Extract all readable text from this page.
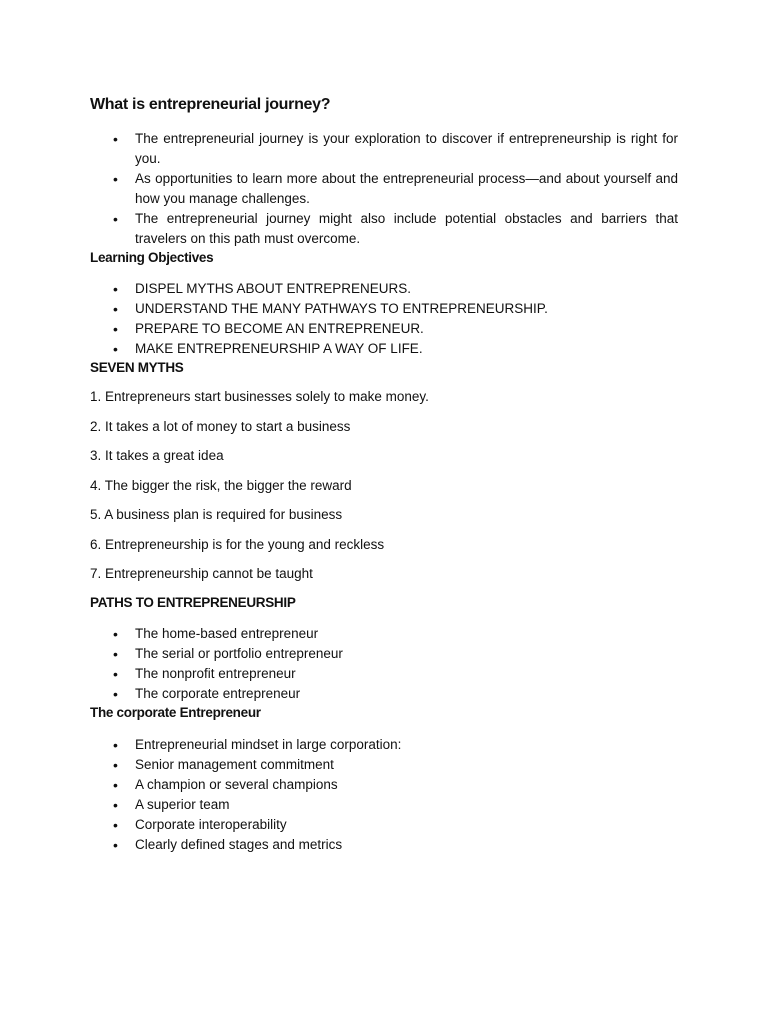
What is entrepreneurial journey?
• The entrepreneurial journey is your exploration to discover if entrepreneurship is right for you.
• As opportunities to learn more about the entrepreneurial process—and about yourself and how you manage challenges.
• The entrepreneurial journey might also include potential obstacles and barriers that travelers on this path must overcome.
Learning Objectives
• DISPEL MYTHS ABOUT ENTREPRENEURS.
• UNDERSTAND THE MANY PATHWAYS TO ENTREPRENEURSHIP.
• PREPARE TO BECOME AN ENTREPRENEUR.
• MAKE ENTREPRENEURSHIP A WAY OF LIFE.
SEVEN MYTHS

1. Entrepreneurs start businesses solely to make money.

2. It takes a lot of money to start a business

3. It takes a great idea

4. The bigger the risk, the bigger the reward

5. A business plan is required for business

6. Entrepreneurship is for the young and reckless

7. Entrepreneurship cannot be taught

PATHS TO ENTREPRENEURSHIP
• The home-based entrepreneur
• The serial or portfolio entrepreneur
• The nonprofit entrepreneur
• The corporate entrepreneur
The corporate Entrepreneur
• Entrepreneurial mindset in large corporation:
• Senior management commitment
• A champion or several champions
• A superior team
• Corporate interoperability
• Clearly defined stages and metrics
